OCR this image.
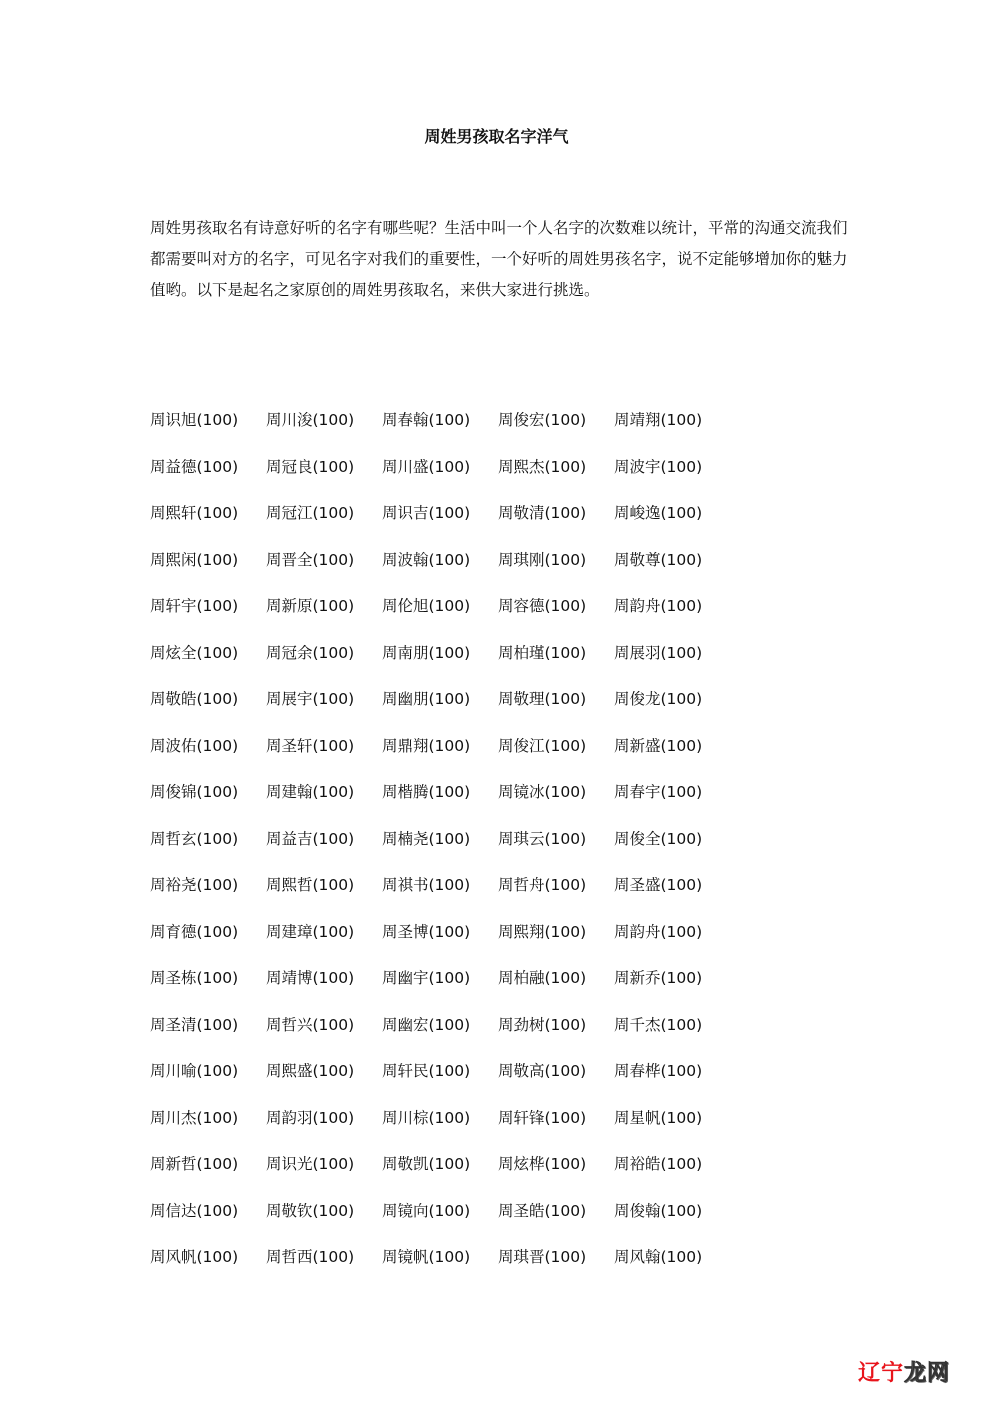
周姓男孩取名字洋气

周姓男孩取名有诗意好听的名字有哪些呢？生活中叫一个人名字的次数难以统计，平常的沟通交流我们都需要叫对方的名字，可见名字对我们的重要性，一个好听的周姓男孩名字，说不定能够增加你的魅力值哟。以下是起名之家原创的周姓男孩取名，来供大家进行挑选。

周识旭(100)	周川浚(100)	周春翰(100)	周俊宏(100)	周靖翔(100)
周益德(100)	周冠良(100)	周川盛(100)	周熙杰(100)	周波宇(100)
周熙轩(100)	周冠江(100)	周识吉(100)	周敬清(100)	周峻逸(100)
周熙闲(100)	周晋全(100)	周波翰(100)	周琪刚(100)	周敬尊(100)
周轩宇(100)	周新原(100)	周伦旭(100)	周容德(100)	周韵舟(100)
周炫全(100)	周冠余(100)	周南朋(100)	周柏瑾(100)	周展羽(100)
周敬皓(100)	周展宇(100)	周幽朋(100)	周敬理(100)	周俊龙(100)
周波佑(100)	周圣轩(100)	周鼎翔(100)	周俊江(100)	周新盛(100)
周俊锦(100)	周建翰(100)	周楷腾(100)	周镜冰(100)	周春宇(100)
周哲玄(100)	周益吉(100)	周楠尧(100)	周琪云(100)	周俊全(100)
周裕尧(100)	周熙哲(100)	周祺书(100)	周哲舟(100)	周圣盛(100)
周育德(100)	周建璋(100)	周圣博(100)	周熙翔(100)	周韵舟(100)
周圣栋(100)	周靖博(100)	周幽宇(100)	周柏融(100)	周新乔(100)
周圣清(100)	周哲兴(100)	周幽宏(100)	周劲树(100)	周千杰(100)
周川喻(100)	周熙盛(100)	周轩民(100)	周敬高(100)	周春桦(100)
周川杰(100)	周韵羽(100)	周川棕(100)	周轩锋(100)	周星帆(100)
周新哲(100)	周识光(100)	周敬凯(100)	周炫桦(100)	周裕皓(100)
周信达(100)	周敬钦(100)	周镜向(100)	周圣皓(100)	周俊翰(100)
周风帆(100)	周哲西(100)	周镜帆(100)	周琪晋(100)	周风翰(100)
辽宁 龙网
